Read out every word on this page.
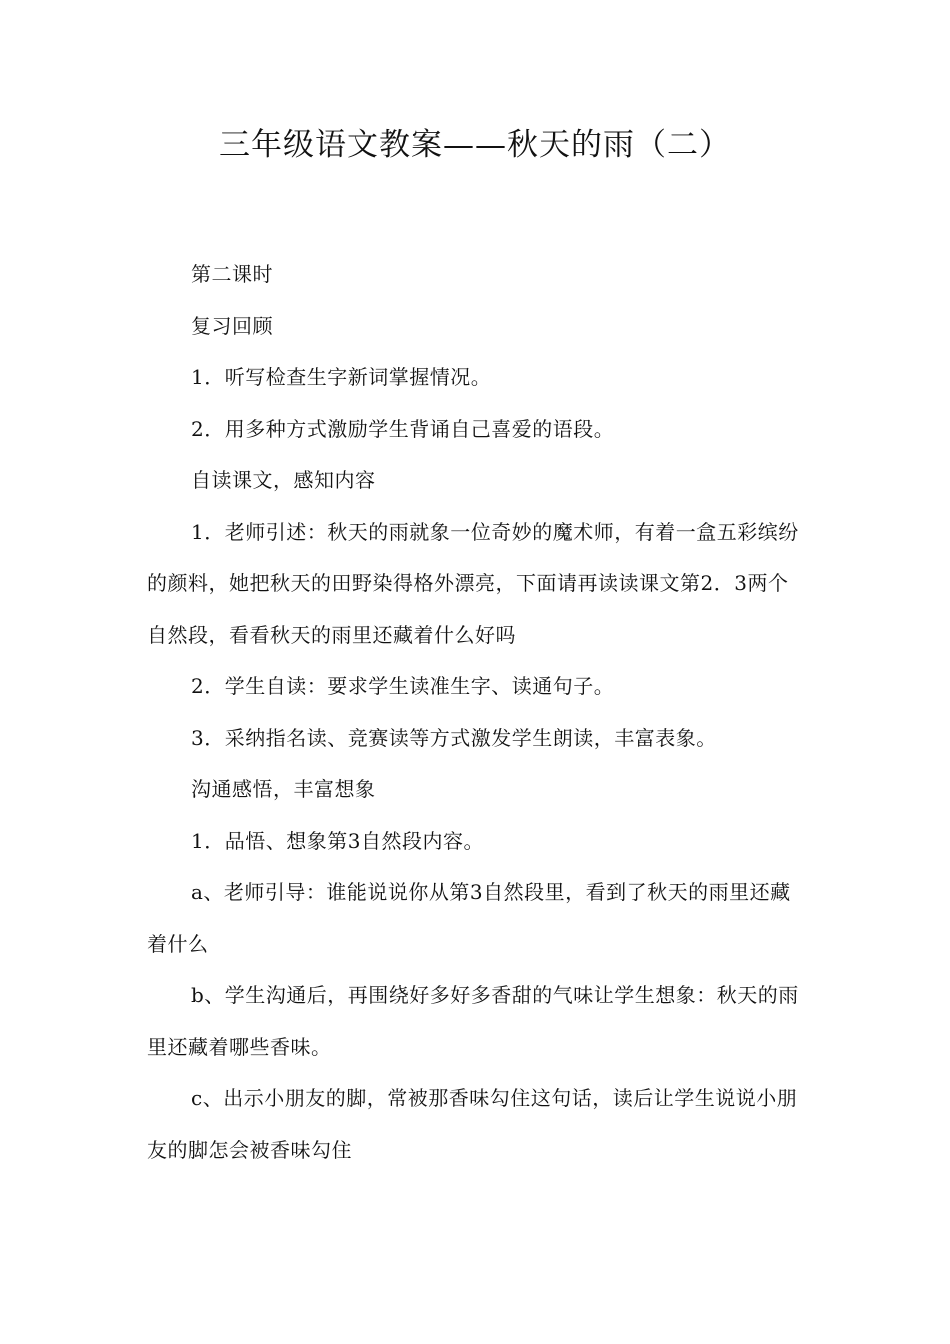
三年级语文教案——秋天的雨（二）

第二课时

复习回顾

1．听写检查生字新词掌握情况。

2．用多种方式激励学生背诵自己喜爱的语段。

自读课文，感知内容

1．老师引述：秋天的雨就象一位奇妙的魔术师，有着一盒五彩缤纷的颜料，她把秋天的田野染得格外漂亮，下面请再读读课文第2．3两个自然段，看看秋天的雨里还藏着什么好吗

2．学生自读：要求学生读准生字、读通句子。

3．采纳指名读、竞赛读等方式激发学生朗读，丰富表象。

沟通感悟，丰富想象

1．品悟、想象第3自然段内容。

a、老师引导：谁能说说你从第3自然段里，看到了秋天的雨里还藏着什么

b、学生沟通后，再围绕好多好多香甜的气味让学生想象：秋天的雨里还藏着哪些香味。

c、出示小朋友的脚，常被那香味勾住这句话，读后让学生说说小朋友的脚怎会被香味勾住
